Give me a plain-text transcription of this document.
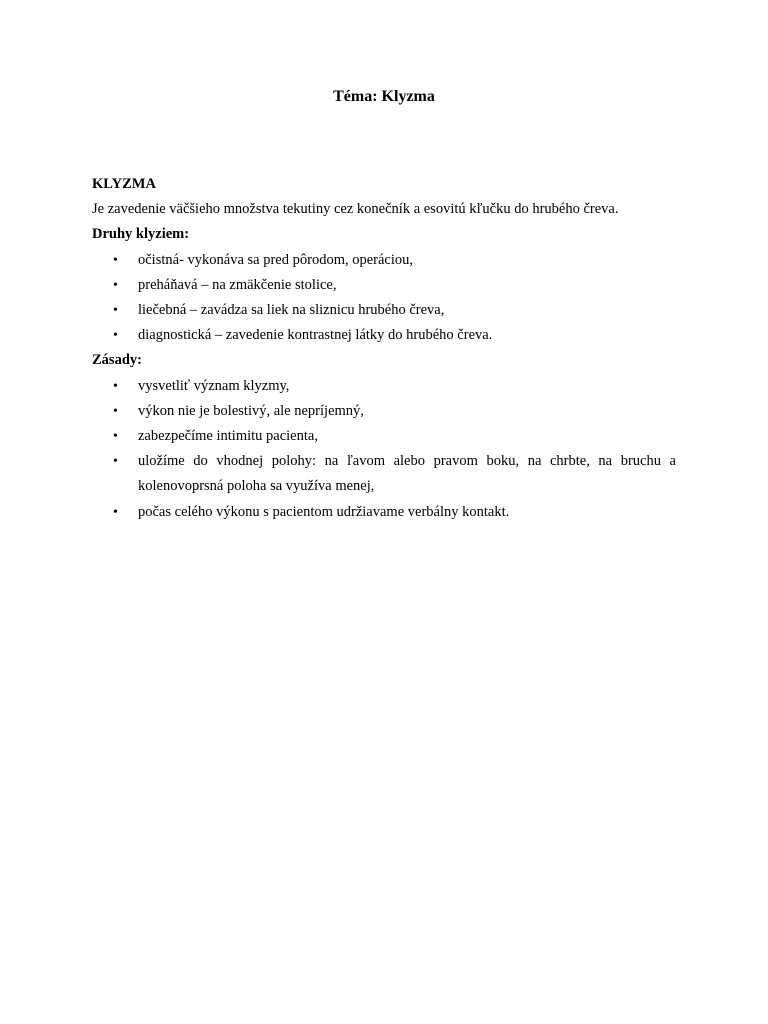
Téma: Klyzma

KLYZMA

Je zavedenie väčšieho množstva tekutiny cez konečník a esovitú kľučku do hrubého čreva.

Druhy klyziem:

• očistná- vykonáva sa pred pôrodom, operáciou,
• preháňavá – na zmäkčenie stolice,
• liečebná – zavádza sa liek na sliznicu hrubého čreva,
• diagnostická – zavedenie kontrastnej látky do hrubého čreva.

Zásady:

• vysvetliť význam klyzmy,
• výkon nie je bolestivý, ale nepríjemný,
• zabezpečíme intimitu pacienta,
• uložíme do vhodnej polohy: na ľavom alebo pravom boku, na chrbte, na bruchu a kolenovoprsná poloha sa využíva menej,
• počas celého výkonu s pacientom udržiavame verbálny kontakt.
